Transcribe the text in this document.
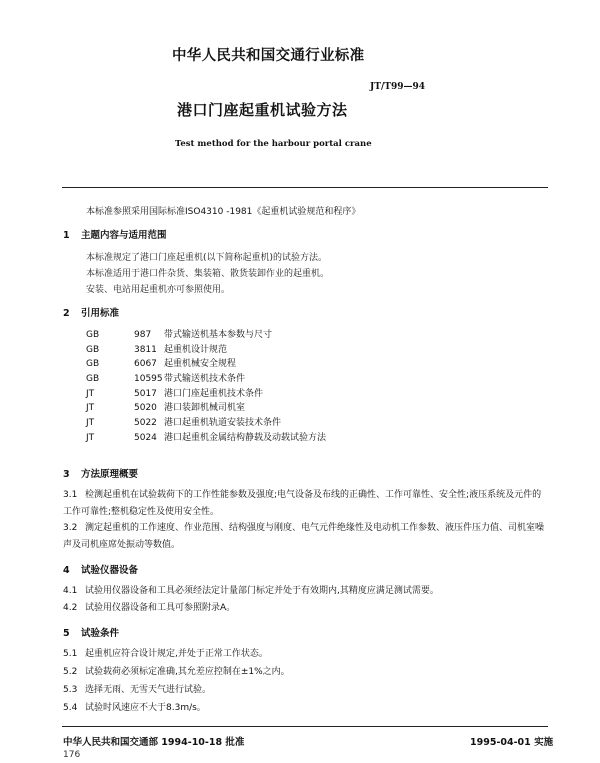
中华人民共和国交通行业标准
JT/T99—94
港口门座起重机试验方法
Test method for the harbour portal crane
本标准参照采用国际标准ISO4310 -1981《起重机试验规范和程序》
1 主题内容与适用范围
本标准规定了港口门座起重机(以下简称起重机)的试验方法。
本标准适用于港口件杂货、集装箱、散货装卸作业的起重机。
安装、电站用起重机亦可参照使用。
2 引用标准
GB	987 带式输送机基本参数与尺寸
GB	3811 起重机设计规范
GB	6067 起重机械安全规程
GB	10595带式输送机技术条件
JT	5017 港口门座起重机技术条件
JT	5020 港口装卸机械司机室
JT	5022 港口起重机轨道安装技术条件
JT	5024 港口起重机金属结构静载及动载试验方法
3 方法原理概要
3.1 检测起重机在试验载荷下的工作性能参数及强度;电气设备及布线的正确性、工作可靠性、安全性;液压系统及元件的工作可靠性;整机稳定性及使用安全性。
3.2 测定起重机的工作速度、作业范围、结构强度与刚度、电气元件绝缘性及电动机工作参数、液压件压力值、司机室噪声及司机座席处振动等数值。
4 试验仪器设备
4.1 试验用仪器设备和工具必须经法定计量部门标定并处于有效期内,其精度应满足测试需要。
4.2 试验用仪器设备和工具可参照附录A。
5 试验条件
5.1 起重机应符合设计规定,并处于正常工作状态。
5.2 试验载荷必须标定准确,其允差应控制在±1%之内。
5.3 选择无雨、无雪天气进行试验。
5.4 试验时风速应不大于8.3m/s。
中华人民共和国交通部 1994-10-18 批准	1995-04-01 实施
176
